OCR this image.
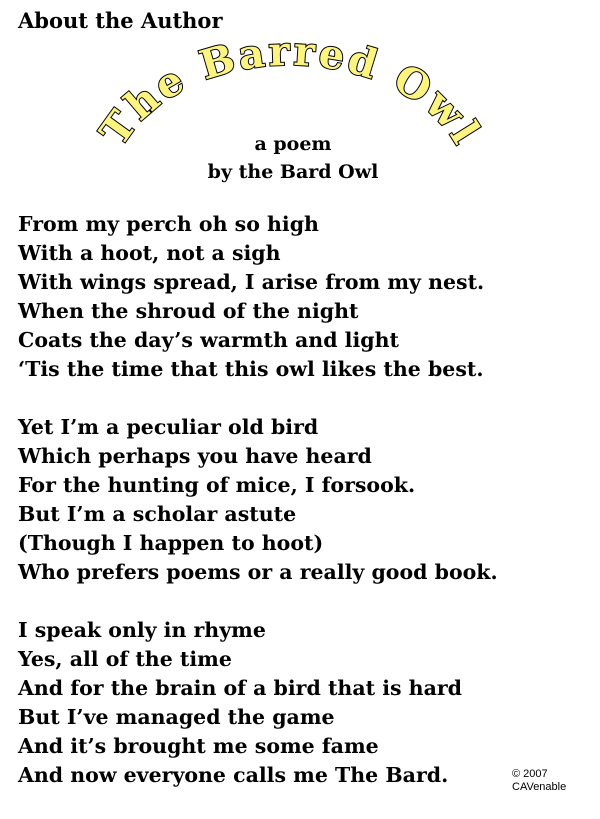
About the Author
The Barred Owl
a poem
by the Bard Owl
From my perch oh so high
With a hoot, not a sigh
With wings spread, I arise from my nest.
When the shroud of the night
Coats the day’s warmth and light
‘Tis the time that this owl likes the best.
Yet I’m a peculiar old bird
Which perhaps you have heard
For the hunting of mice, I forsook.
But I’m a scholar astute
(Though I happen to hoot)
Who prefers poems or a really good book.
I speak only in rhyme
Yes, all of the time
And for the brain of a bird that is hard
But I’ve managed the game
And it’s brought me some fame
And now everyone calls me The Bard.	© 2007
CAVenable
